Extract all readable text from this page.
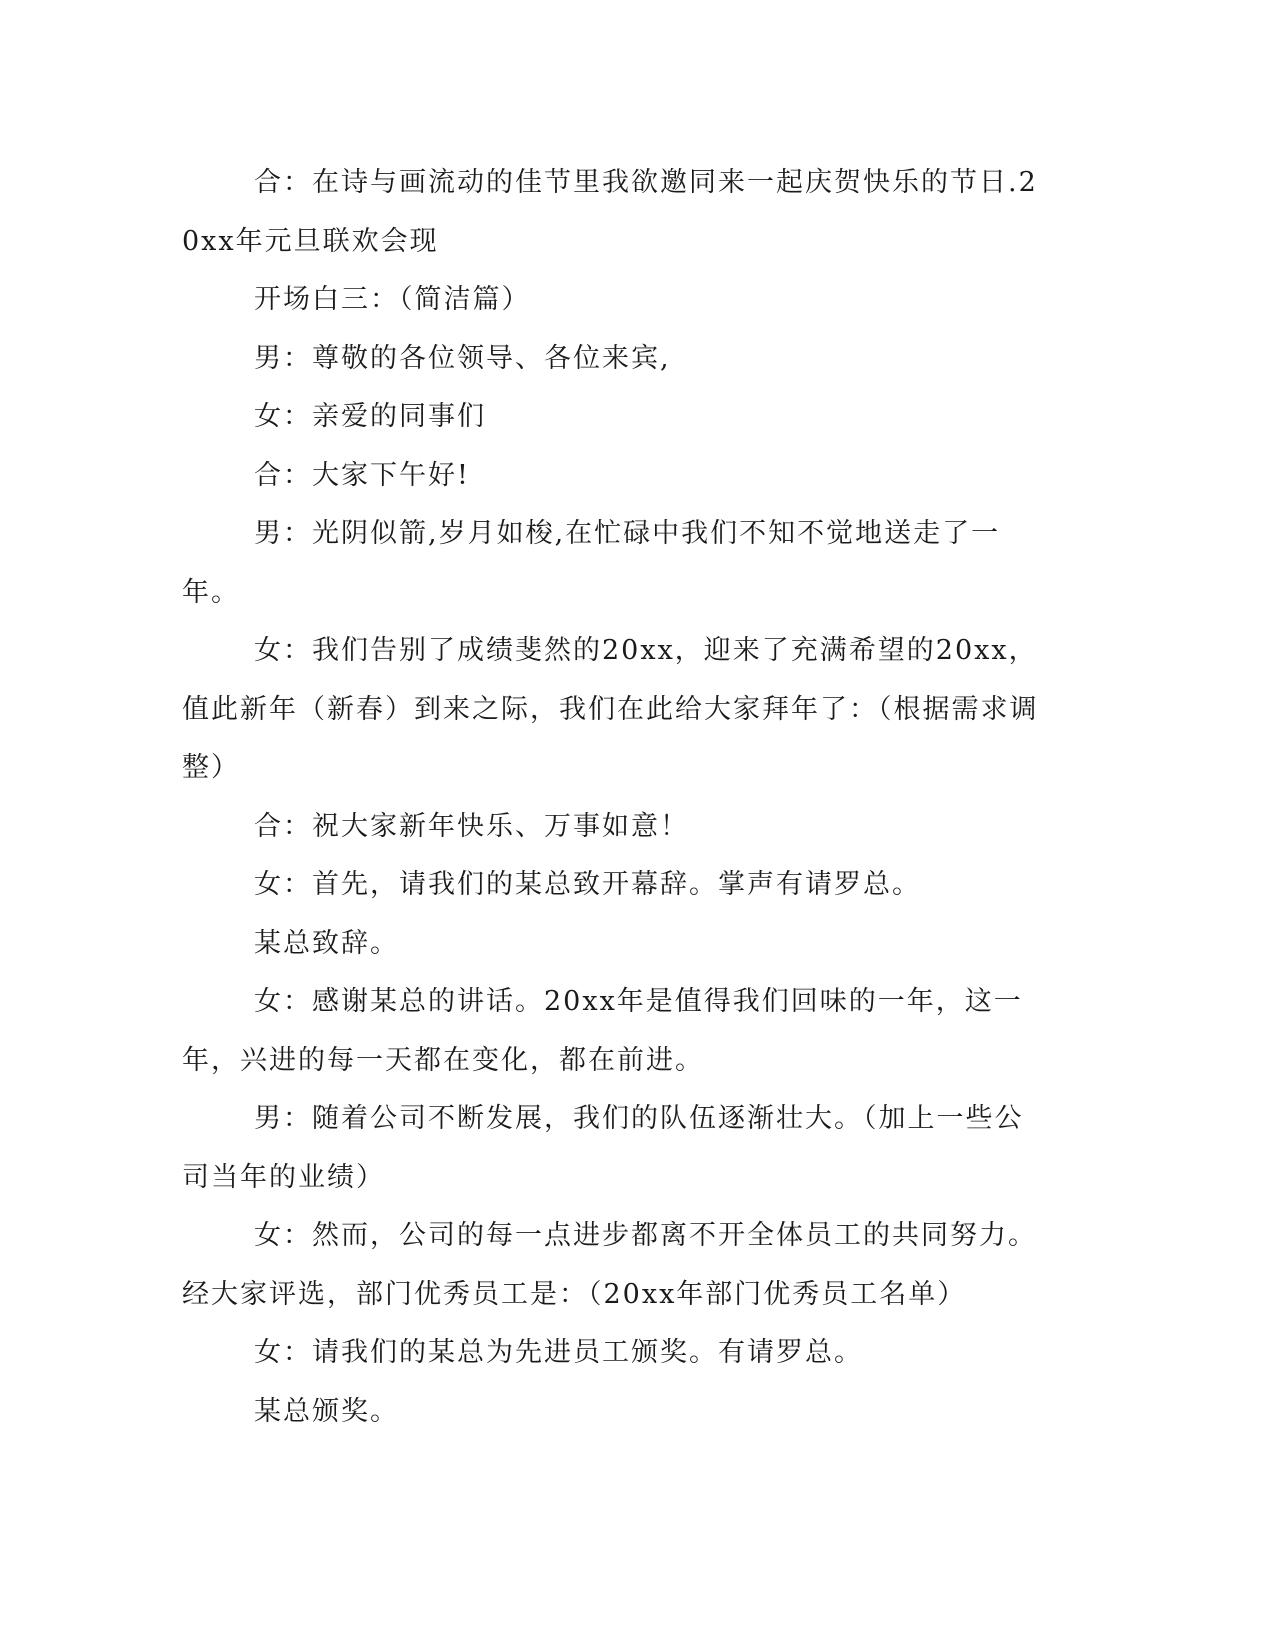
合：在诗与画流动的佳节里我欲邀同来一起庆贺快乐的节日.20xx年元旦联欢会现

开场白三：（简洁篇）

男：尊敬的各位领导、各位来宾,

女：亲爱的同事们

合：大家下午好!

男：光阴似箭,岁月如梭,在忙碌中我们不知不觉地送走了一年。

女：我们告别了成绩斐然的20xx，迎来了充满希望的20xx，值此新年（新春）到来之际，我们在此给大家拜年了：（根据需求调整）

合：祝大家新年快乐、万事如意！

女：首先，请我们的某总致开幕辞。掌声有请罗总。

某总致辞。

女：感谢某总的讲话。20xx年是值得我们回味的一年，这一年，兴进的每一天都在变化，都在前进。

男：随着公司不断发展，我们的队伍逐渐壮大。（加上一些公司当年的业绩）

女：然而，公司的每一点进步都离不开全体员工的共同努力。经大家评选，部门优秀员工是：（20xx年部门优秀员工名单）

女：请我们的某总为先进员工颁奖。有请罗总。

某总颁奖。
